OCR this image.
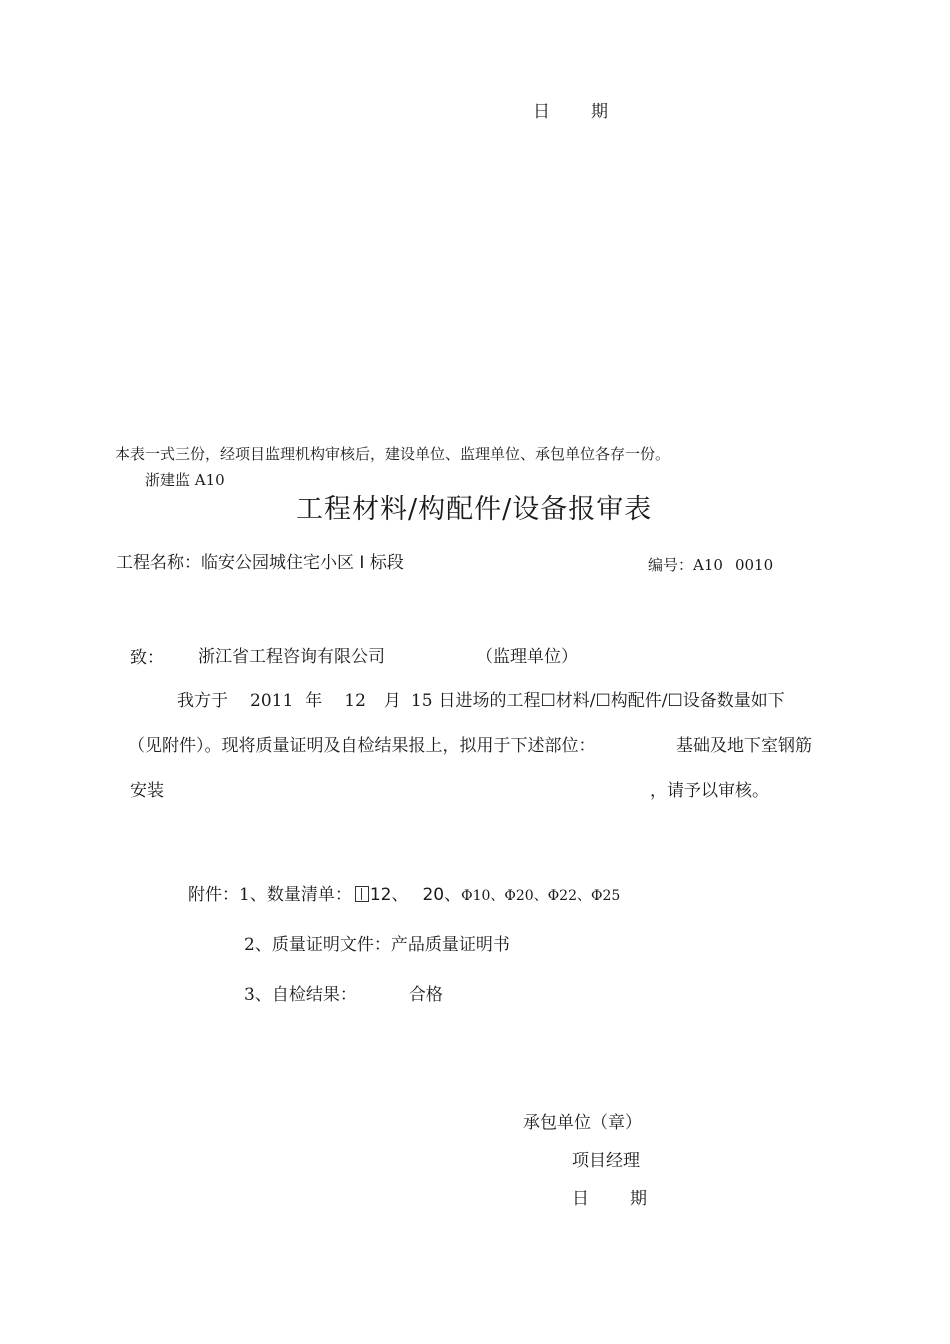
日 期
本表一式三份，经项目监理机构审核后，建设单位、监理单位、承包单位各存一份。
浙建监 A10
工程材料/构配件/设备报审表
工程名称：临安公园城住宅小区 I 标段	编号：A10 0010
致： 浙江省工程咨询有限公司	（监理单位）
我方于 2011 年 12 月 15 日进场的工程☐材料/☐构配件/☐设备数量如下
（见附件）。现将质量证明及自检结果报上，拟用于下述部位：	基础及地下室钢筋
安装	，请予以审核。
附件：1、数量清单： 12、 20、Φ10、Φ20、Φ22、Φ25
2、质量证明文件：产品质量证明书
3、自检结果：	合格
承包单位（章）
项目经理
日 期
